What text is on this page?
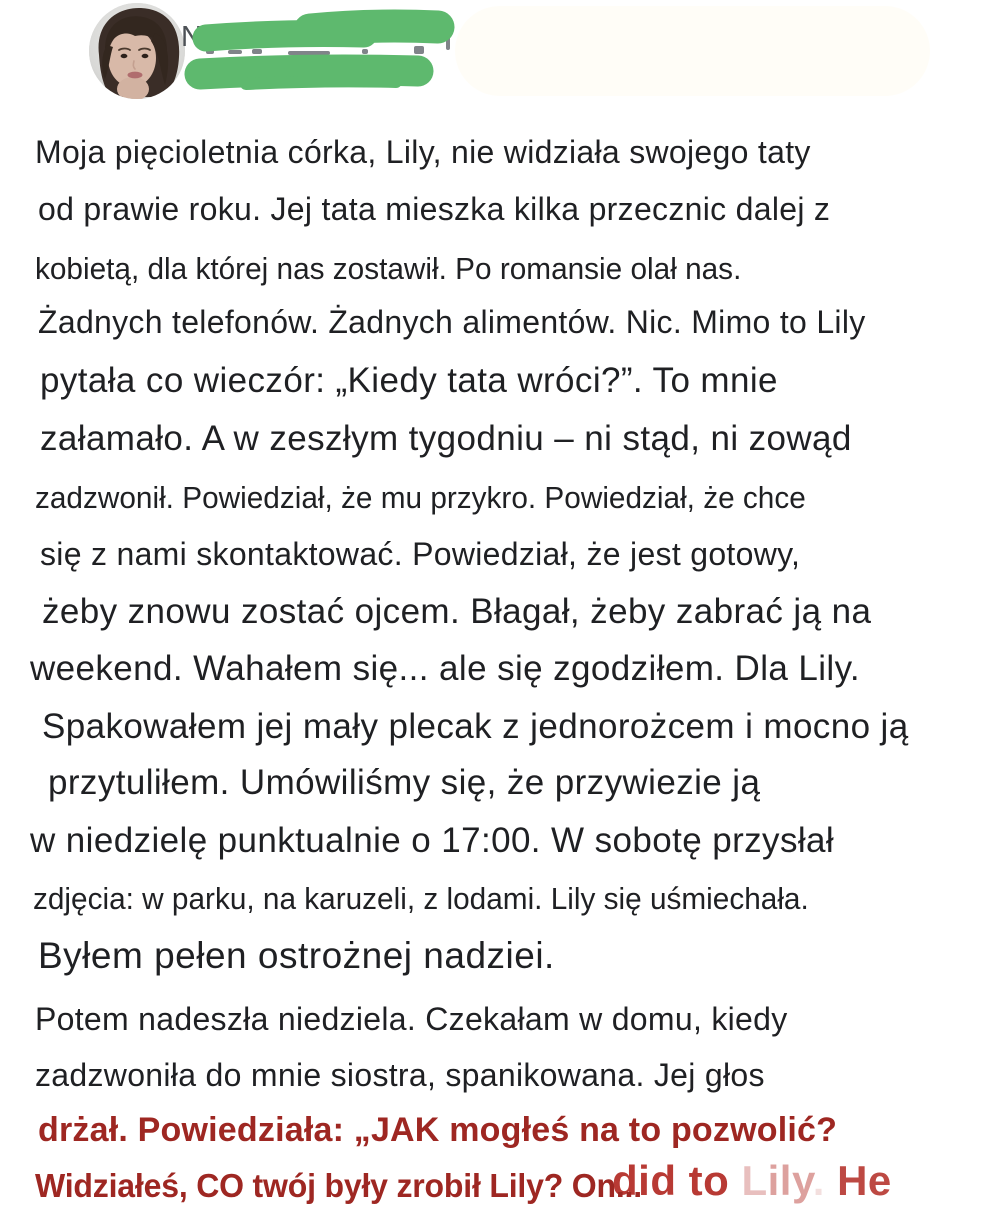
N
Moja pięcioletnia córka, Lily, nie widziała swojego taty
od prawie roku. Jej tata mieszka kilka przecznic dalej z
kobietą, dla której nas zostawił. Po romansie olał nas.
Żadnych telefonów. Żadnych alimentów. Nic. Mimo to Lily
pytała co wieczór: „Kiedy tata wróci?”. To mnie
załamało. A w zeszłym tygodniu – ni stąd, ni zowąd
zadzwonił. Powiedział, że mu przykro. Powiedział, że chce
się z nami skontaktować. Powiedział, że jest gotowy,
żeby znowu zostać ojcem. Błagał, żeby zabrać ją na
weekend. Wahałem się... ale się zgodziłem. Dla Lily.
Spakowałem jej mały plecak z jednorożcem i mocno ją
przytuliłem. Umówiliśmy się, że przywiezie ją
w niedzielę punktualnie o 17:00. W sobotę przysłał
zdjęcia: w parku, na karuzeli, z lodami. Lily się uśmiechała.
Byłem pełen ostrożnej nadziei.
Potem nadeszła niedziela. Czekałam w domu, kiedy
zadzwoniła do mnie siostra, spanikowana. Jej głos
drżał. Powiedziała: „JAK mogłeś na to pozwolić?
did to Lily. He
Widziałeś, CO twój były zrobił Lily? On...
